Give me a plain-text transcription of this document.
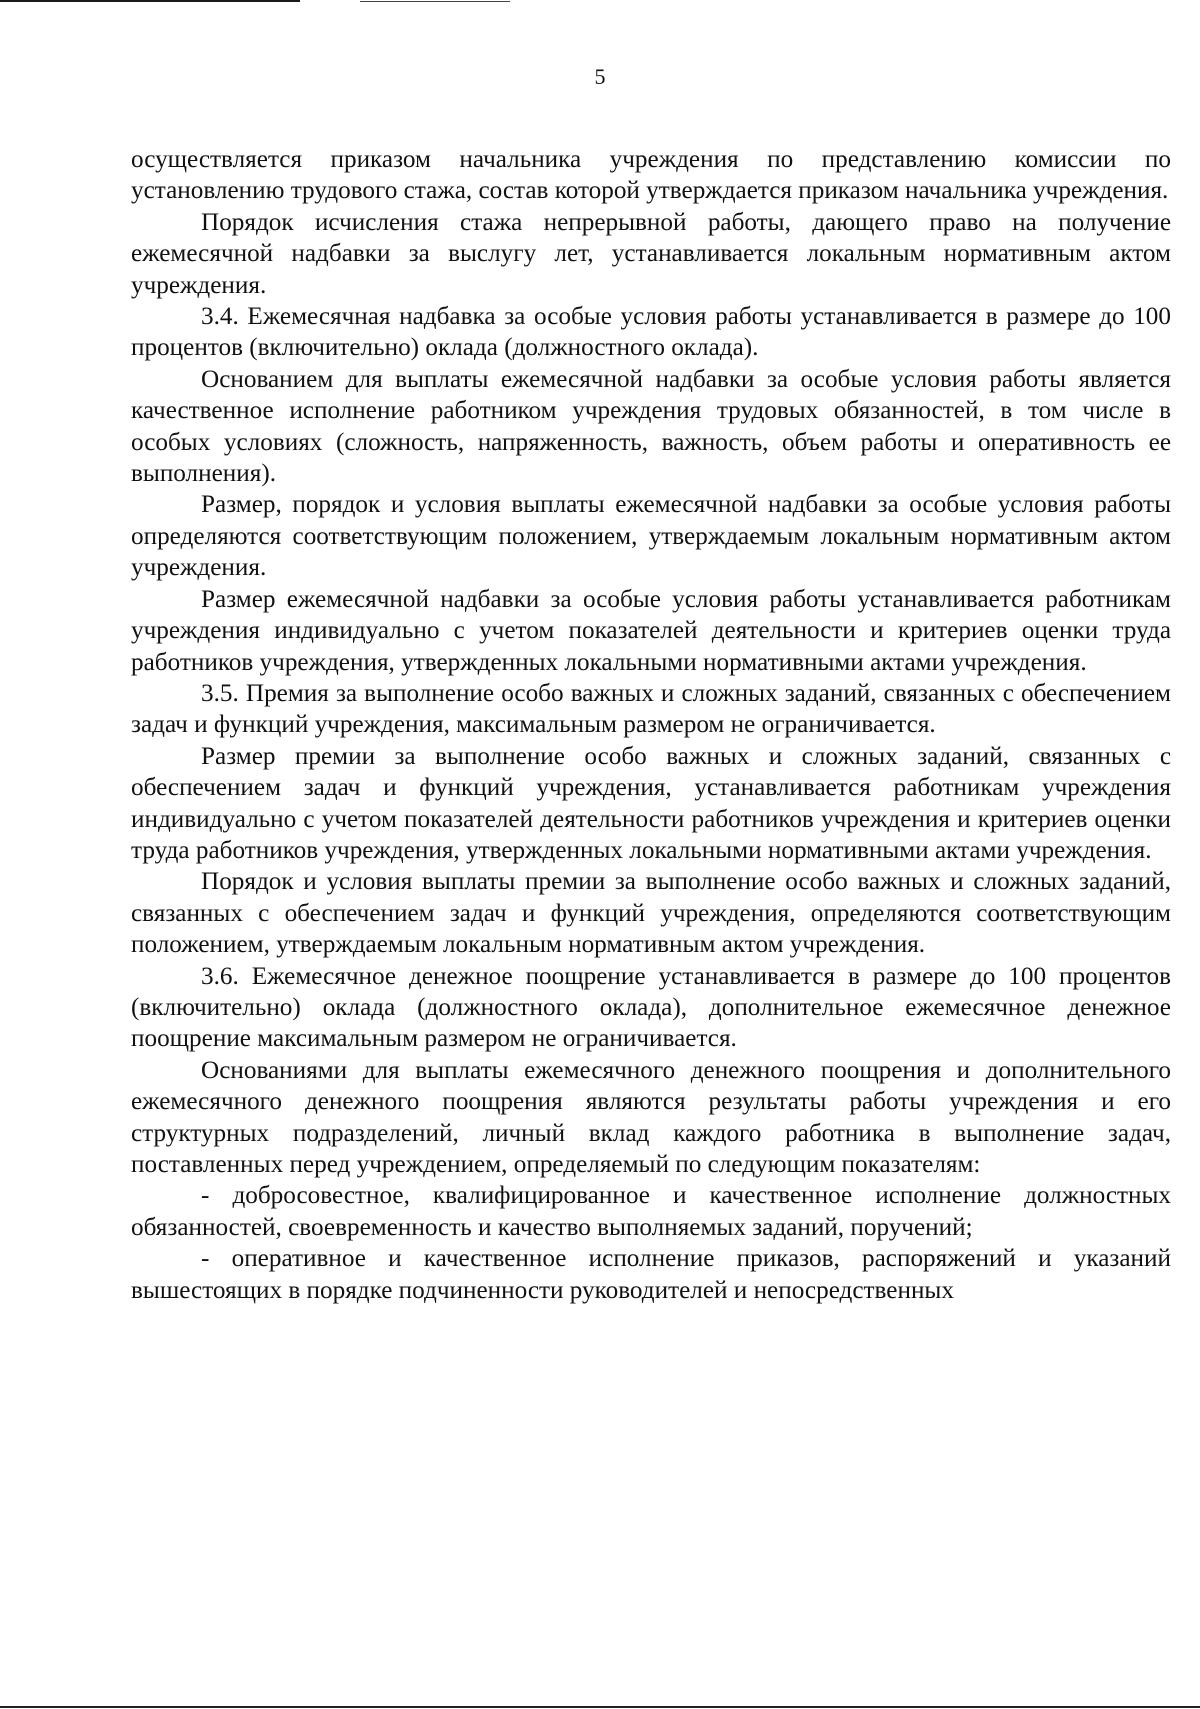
5

осуществляется приказом начальника учреждения по представлению комиссии по установлению трудового стажа, состав которой утверждается приказом начальника учреждения.

Порядок исчисления стажа непрерывной работы, дающего право на получение ежемесячной надбавки за выслугу лет, устанавливается локальным нормативным актом учреждения.

3.4. Ежемесячная надбавка за особые условия работы устанавливается в размере до 100 процентов (включительно) оклада (должностного оклада).

Основанием для выплаты ежемесячной надбавки за особые условия работы является качественное исполнение работником учреждения трудовых обязанностей, в том числе в особых условиях (сложность, напряженность, важность, объем работы и оперативность ее выполнения).

Размер, порядок и условия выплаты ежемесячной надбавки за особые условия работы определяются соответствующим положением, утверждаемым локальным нормативным актом учреждения.

Размер ежемесячной надбавки за особые условия работы устанавливается работникам учреждения индивидуально с учетом показателей деятельности и критериев оценки труда работников учреждения, утвержденных локальными нормативными актами учреждения.

3.5. Премия за выполнение особо важных и сложных заданий, связанных с обеспечением задач и функций учреждения, максимальным размером не ограничивается.

Размер премии за выполнение особо важных и сложных заданий, связанных с обеспечением задач и функций учреждения, устанавливается работникам учреждения индивидуально с учетом показателей деятельности работников учреждения и критериев оценки труда работников учреждения, утвержденных локальными нормативными актами учреждения.

Порядок и условия выплаты премии за выполнение особо важных и сложных заданий, связанных с обеспечением задач и функций учреждения, определяются соответствующим положением, утверждаемым локальным нормативным актом учреждения.

3.6. Ежемесячное денежное поощрение устанавливается в размере до 100 процентов (включительно) оклада (должностного оклада), дополнительное ежемесячное денежное поощрение максимальным размером не ограничивается.

Основаниями для выплаты ежемесячного денежного поощрения и дополнительного ежемесячного денежного поощрения являются результаты работы учреждения и его структурных подразделений, личный вклад каждого работника в выполнение задач, поставленных перед учреждением, определяемый по следующим показателям:

- добросовестное, квалифицированное и качественное исполнение должностных обязанностей, своевременность и качество выполняемых заданий, поручений;

- оперативное и качественное исполнение приказов, распоряжений и указаний вышестоящих в порядке подчиненности руководителей и непосредственных
